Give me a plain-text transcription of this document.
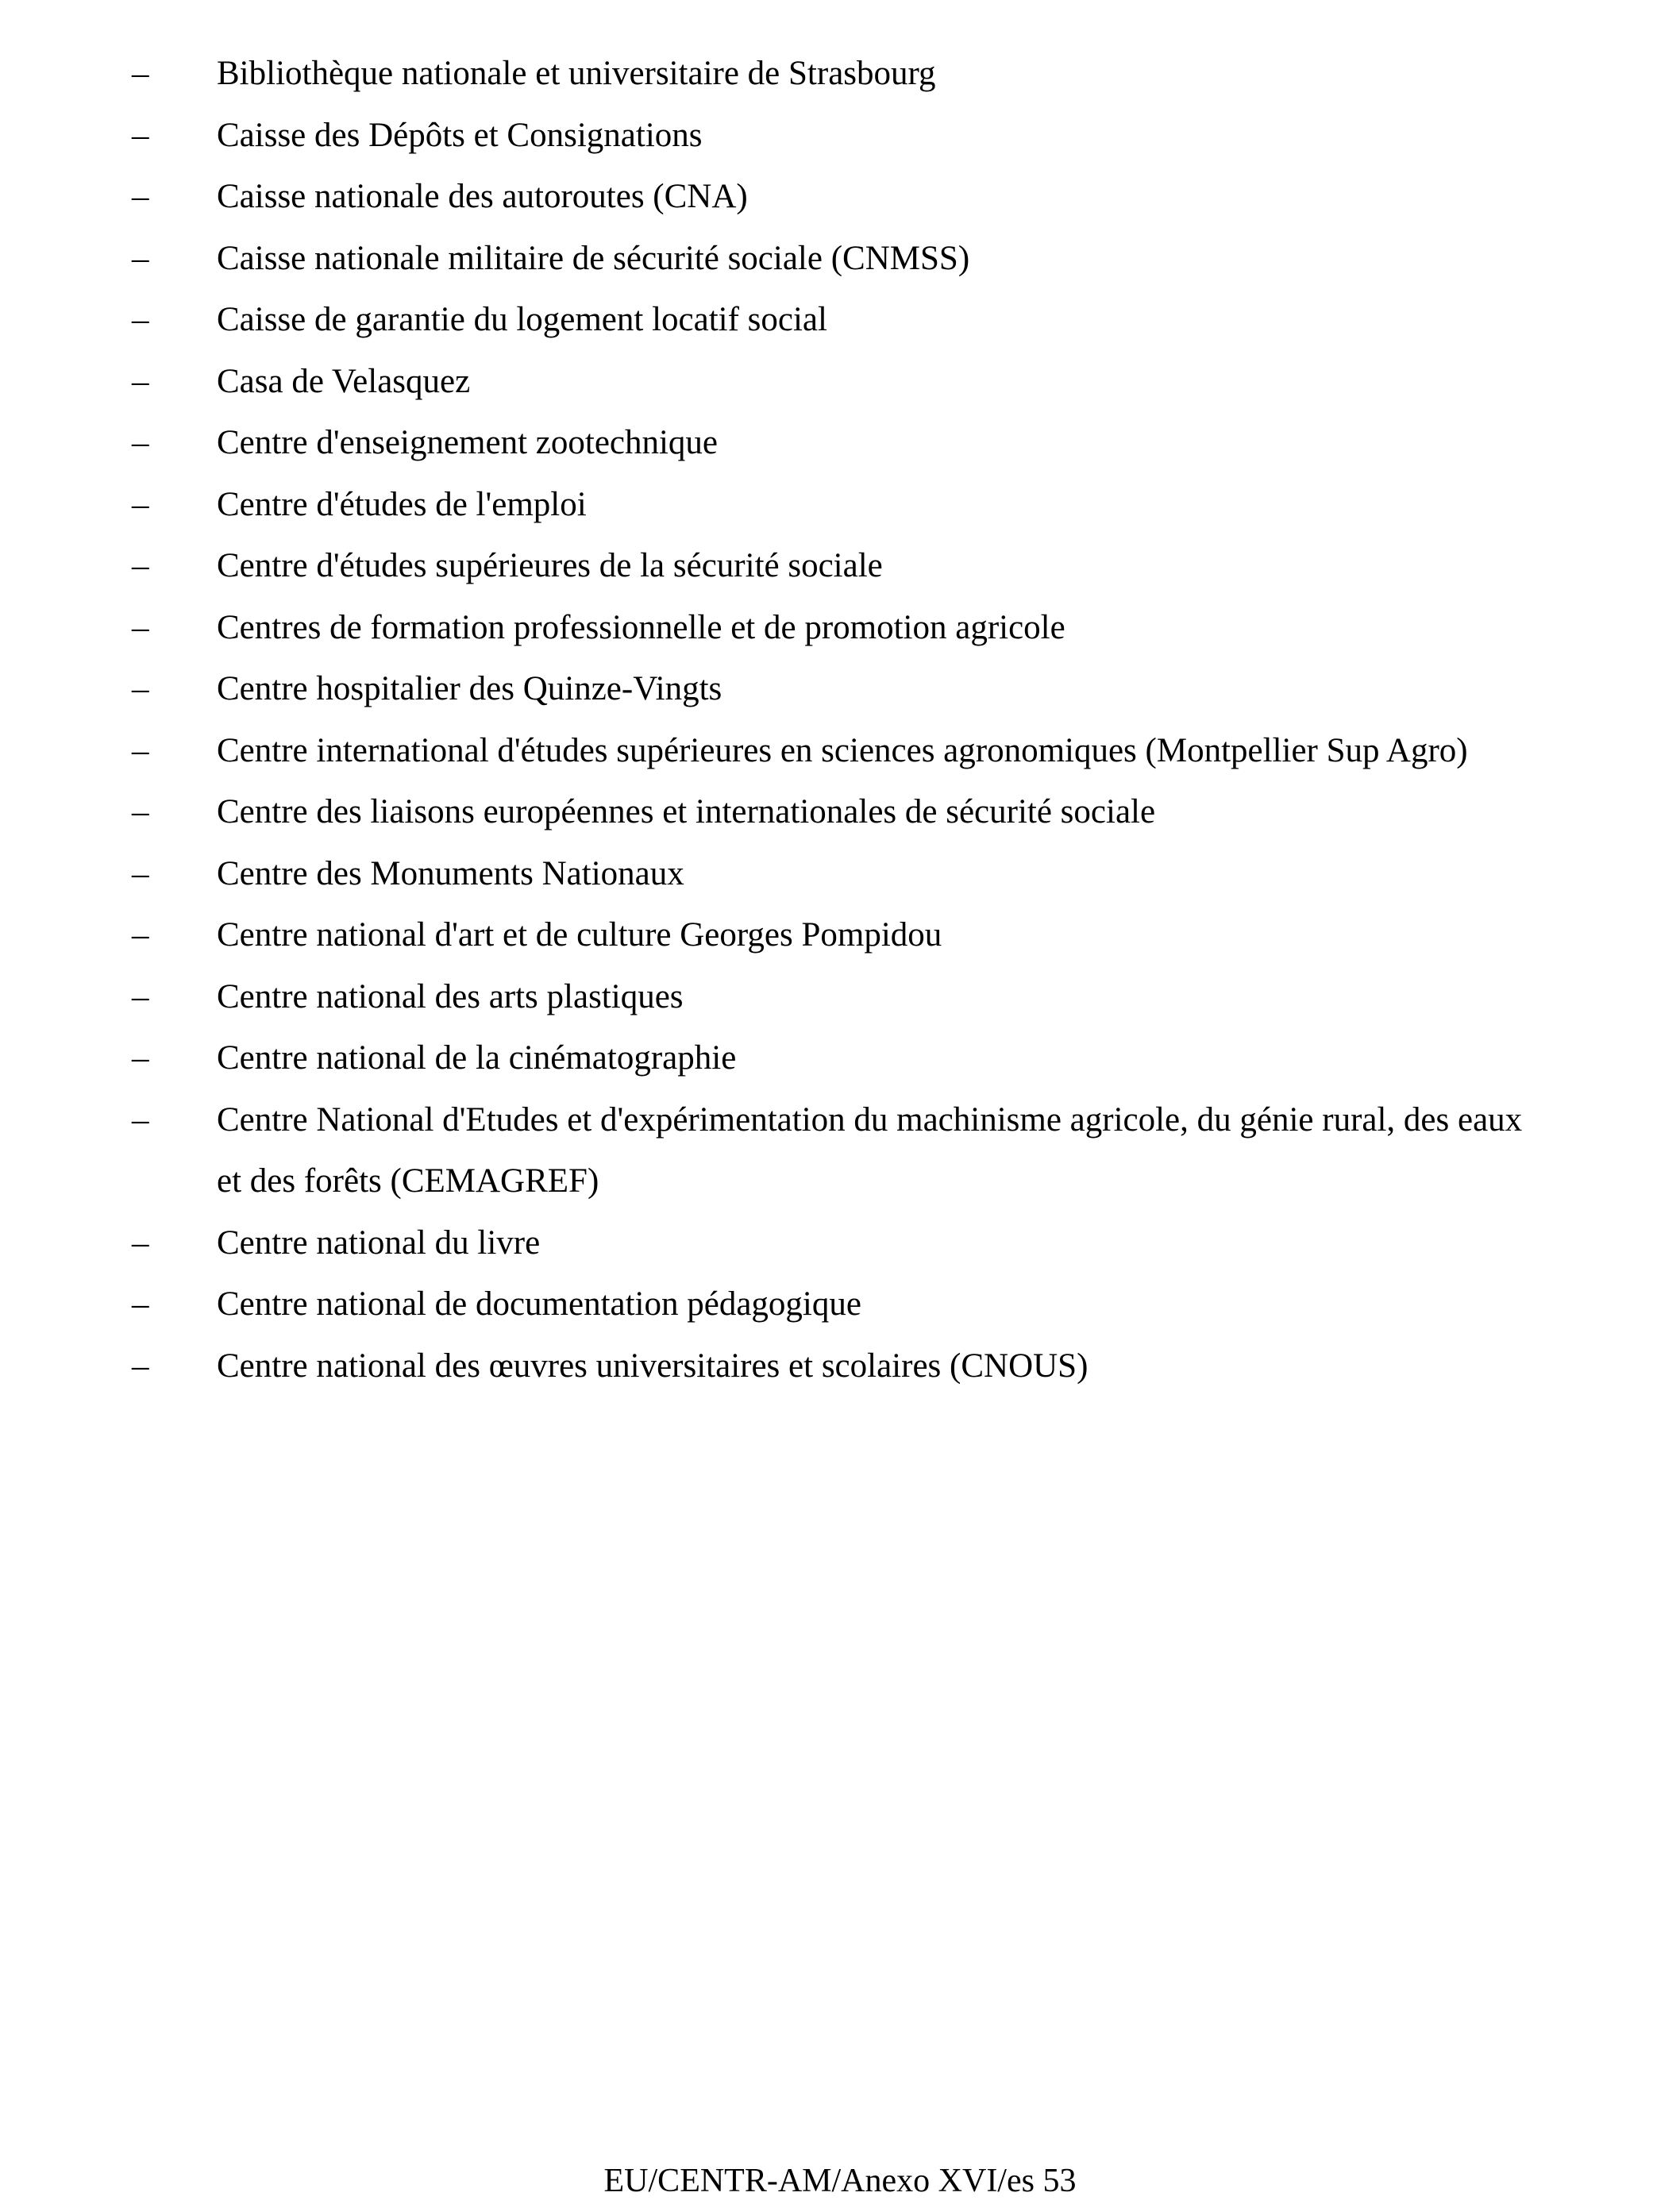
– Bibliothèque nationale et universitaire de Strasbourg
– Caisse des Dépôts et Consignations
– Caisse nationale des autoroutes (CNA)
– Caisse nationale militaire de sécurité sociale (CNMSS)
– Caisse de garantie du logement locatif social
– Casa de Velasquez
– Centre d'enseignement zootechnique
– Centre d'études de l'emploi
– Centre d'études supérieures de la sécurité sociale
– Centres de formation professionnelle et de promotion agricole
– Centre hospitalier des Quinze-Vingts
– Centre international d'études supérieures en sciences agronomiques (Montpellier Sup Agro)
– Centre des liaisons européennes et internationales de sécurité sociale
– Centre des Monuments Nationaux
– Centre national d'art et de culture Georges Pompidou
– Centre national des arts plastiques
– Centre national de la cinématographie
– Centre National d'Etudes et d'expérimentation du machinisme agricole, du génie rural, des eaux et des forêts (CEMAGREF)
– Centre national du livre
– Centre national de documentation pédagogique
– Centre national des œuvres universitaires et scolaires (CNOUS)
EU/CENTR-AM/Anexo XVI/es 53
